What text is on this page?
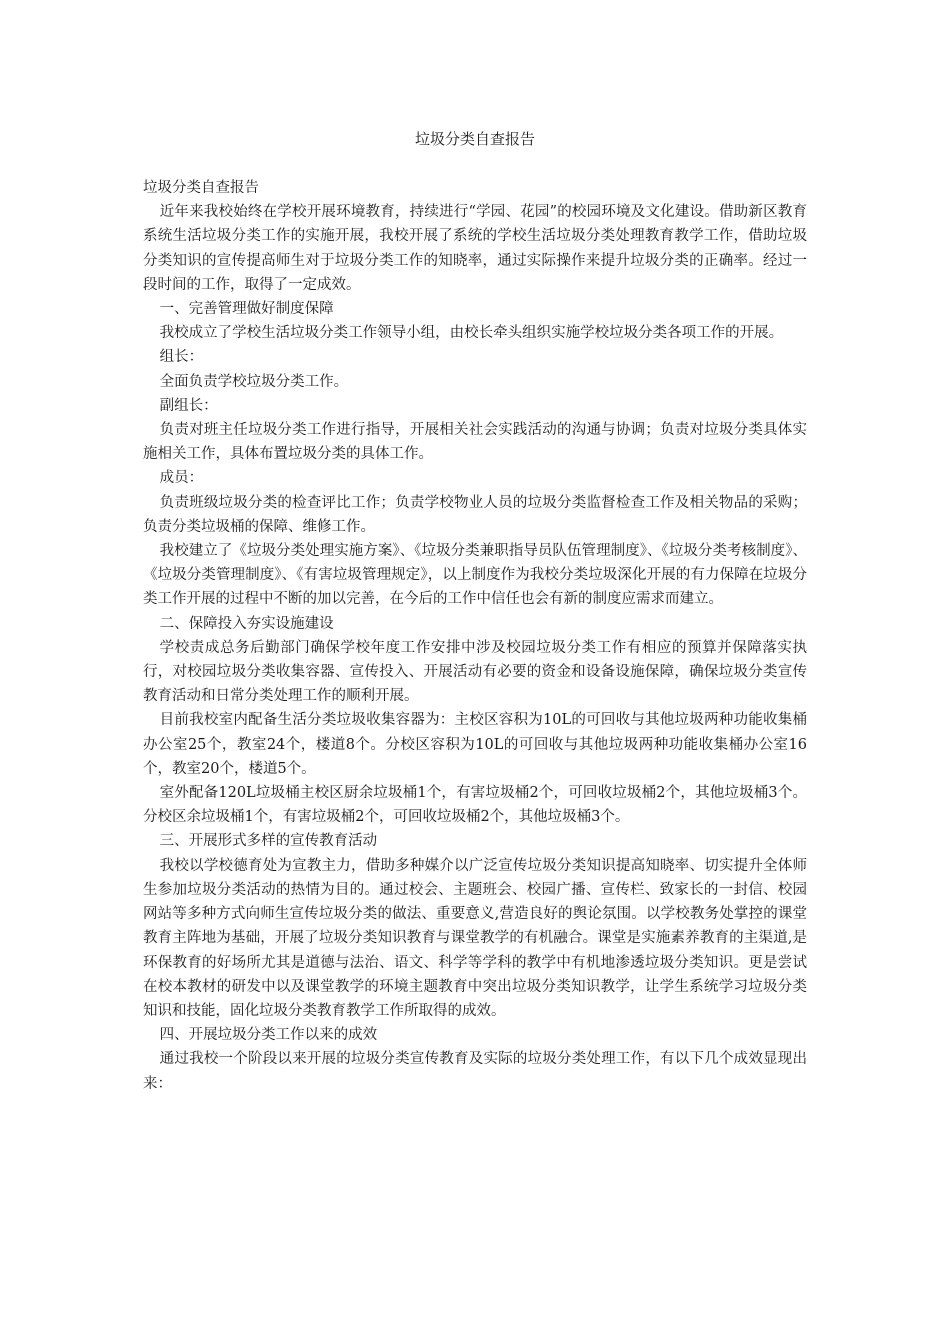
垃圾分类自查报告

垃圾分类自查报告

近年来我校始终在学校开展环境教育，持续进行“学园、花园”的校园环境及文化建设。借助新区教育系统生活垃圾分类工作的实施开展，我校开展了系统的学校生活垃圾分类处理教育教学工作，借助垃圾分类知识的宣传提高师生对于垃圾分类工作的知晓率，通过实际操作来提升垃圾分类的正确率。经过一段时间的工作，取得了一定成效。

一、完善管理做好制度保障

我校成立了学校生活垃圾分类工作领导小组，由校长牵头组织实施学校垃圾分类各项工作的开展。

组长：

全面负责学校垃圾分类工作。

副组长：

负责对班主任垃圾分类工作进行指导，开展相关社会实践活动的沟通与协调；负责对垃圾分类具体实施相关工作，具体布置垃圾分类的具体工作。

成员：

负责班级垃圾分类的检查评比工作；负责学校物业人员的垃圾分类监督检查工作及相关物品的采购；负责分类垃圾桶的保障、维修工作。

我校建立了《垃圾分类处理实施方案》、《垃圾分类兼职指导员队伍管理制度》、《垃圾分类考核制度》、《垃圾分类管理制度》、《有害垃圾管理规定》，以上制度作为我校分类垃圾深化开展的有力保障在垃圾分类工作开展的过程中不断的加以完善，在今后的工作中信任也会有新的制度应需求而建立。

二、保障投入夯实设施建设

学校责成总务后勤部门确保学校年度工作安排中涉及校园垃圾分类工作有相应的预算并保障落实执行，对校园垃圾分类收集容器、宣传投入、开展活动有必要的资金和设备设施保障，确保垃圾分类宣传教育活动和日常分类处理工作的顺利开展。

目前我校室内配备生活分类垃圾收集容器为：主校区容积为10L的可回收与其他垃圾两种功能收集桶办公室25个，教室24个，楼道8个。分校区容积为10L的可回收与其他垃圾两种功能收集桶办公室16个，教室20个，楼道5个。

室外配备120L垃圾桶主校区厨余垃圾桶1个，有害垃圾桶2个，可回收垃圾桶2个，其他垃圾桶3个。分校区余垃圾桶1个，有害垃圾桶2个，可回收垃圾桶2个，其他垃圾桶3个。

三、开展形式多样的宣传教育活动

我校以学校德育处为宣教主力，借助多种媒介以广泛宣传垃圾分类知识提高知晓率、切实提升全体师生参加垃圾分类活动的热情为目的。通过校会、主题班会、校园广播、宣传栏、致家长的一封信、校园网站等多种方式向师生宣传垃圾分类的做法、重要意义,营造良好的舆论氛围。以学校教务处掌控的课堂教育主阵地为基础，开展了垃圾分类知识教育与课堂教学的有机融合。课堂是实施素养教育的主渠道,是环保教育的好场所尤其是道德与法治、语文、科学等学科的教学中有机地渗透垃圾分类知识。更是尝试在校本教材的研发中以及课堂教学的环境主题教育中突出垃圾分类知识教学，让学生系统学习垃圾分类知识和技能，固化垃圾分类教育教学工作所取得的成效。

四、开展垃圾分类工作以来的成效

通过我校一个阶段以来开展的垃圾分类宣传教育及实际的垃圾分类处理工作，有以下几个成效显现出来：
